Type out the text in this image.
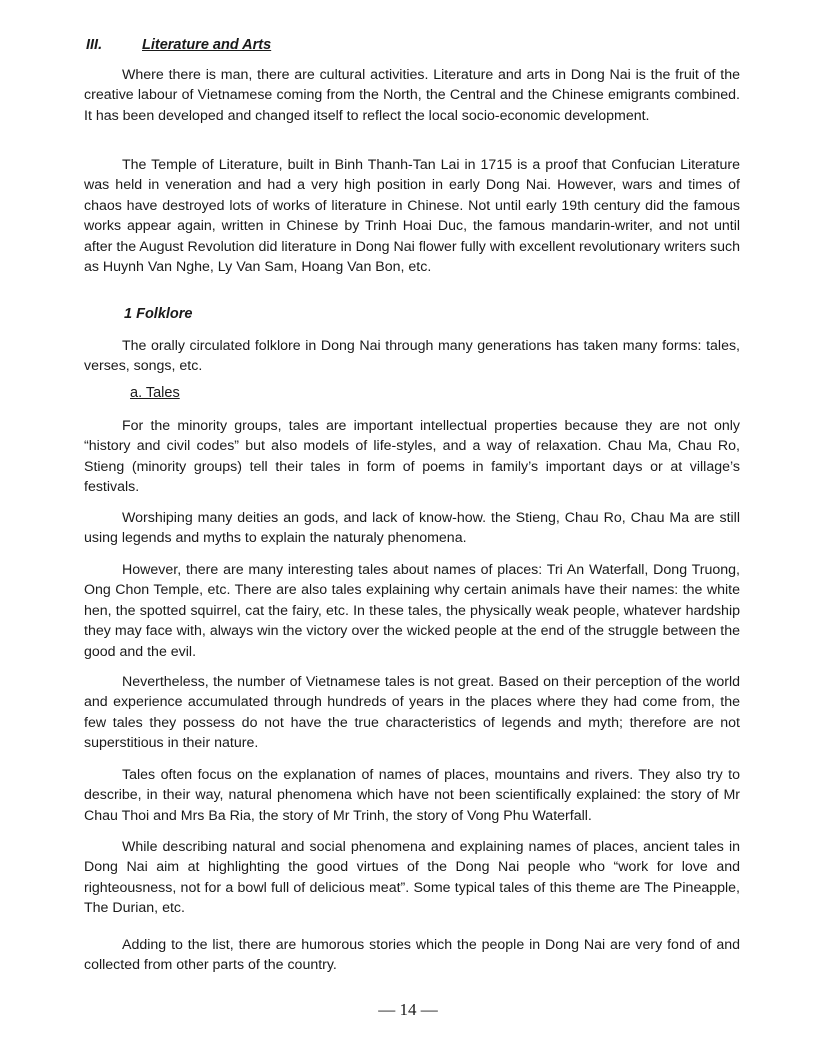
III.	Literature and Arts

Where there is man, there are cultural activities. Literature and arts in Dong Nai is the fruit of the creative labour of Vietnamese coming from the North, the Central and the Chinese emigrants combined. It has been developed and changed itself to reflect the local socio-economic development.

The Temple of Literature, built in Binh Thanh-Tan Lai in 1715 is a proof that Confucian Literature was held in veneration and had a very high position in early Dong Nai. However, wars and times of chaos have destroyed lots of works of literature in Chinese. Not until early 19th century did the famous works appear again, written in Chinese by Trinh Hoai Duc, the famous mandarin-writer, and not until after the August Revolution did literature in Dong Nai flower fully with excellent revolutionary writers such as Huynh Van Nghe, Ly Van Sam, Hoang Van Bon, etc.

1 Folklore

The orally circulated folklore in Dong Nai through many generations has taken many forms: tales, verses, songs, etc.

a. Tales

For the minority groups, tales are important intellectual properties because they are not only “history and civil codes” but also models of life-styles, and a way of relaxation. Chau Ma, Chau Ro, Stieng (minority groups) tell their tales in form of poems in family’s important days or at village’s festivals.

Worshiping many deities an gods, and lack of know-how. the Stieng, Chau Ro, Chau Ma are still using legends and myths to explain the naturaly phenomena.

However, there are many interesting tales about names of places: Tri An Waterfall, Dong Truong, Ong Chon Temple, etc. There are also tales explaining why certain animals have their names: the white hen, the spotted squirrel, cat the fairy, etc. In these tales, the physically weak people, whatever hardship they may face with, always win the victory over the wicked people at the end of the struggle between the good and the evil.

Nevertheless, the number of Vietnamese tales is not great. Based on their perception of the world and experience accumulated through hundreds of years in the places where they had come from, the few tales they possess do not have the true characteristics of legends and myth; therefore are not superstitious in their nature.

Tales often focus on the explanation of names of places, mountains and rivers. They also try to describe, in their way, natural phenomena which have not been scientifically explained: the story of Mr Chau Thoi and Mrs Ba Ria, the story of Mr Trinh, the story of Vong Phu Waterfall.

While describing natural and social phenomena and explaining names of places, ancient tales in Dong Nai aim at highlighting the good virtues of the Dong Nai people who “work for love and righteousness, not for a bowl full of delicious meat”. Some typical tales of this theme are The Pineapple, The Durian, etc.

Adding to the list, there are humorous stories which the people in Dong Nai are very fond of and collected from other parts of the country.

— 14 —
